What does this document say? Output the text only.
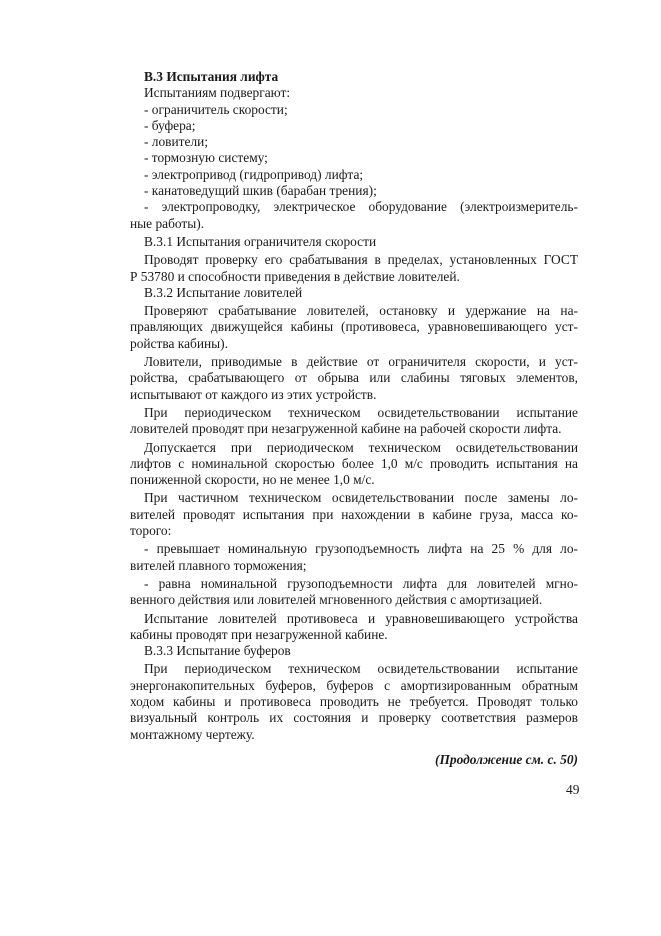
В.3 Испытания лифта
Испытаниям подвергают:
- ограничитель скорости;
- буфера;
- ловители;
- тормозную систему;
- электропривод (гидропривод) лифта;
- канатоведущий шкив (барабан трения);
- электропроводку, электрическое оборудование (электроизмеритель-
ные работы).
В.3.1 Испытания ограничителя скорости
Проводят проверку его срабатывания в пределах, установленных ГОСТ
Р 53780 и способности приведения в действие ловителей.
В.3.2 Испытание ловителей
Проверяют срабатывание ловителей, остановку и удержание на на-
правляющих движущейся кабины (противовеса, уравновешивающего уст-
ройства кабины).
Ловители, приводимые в действие от ограничителя скорости, и уст-
ройства, срабатывающего от обрыва или слабины тяговых элементов,
испытывают от каждого из этих устройств.
При периодическом техническом освидетельствовании испытание
ловителей проводят при незагруженной кабине на рабочей скорости лифта.
Допускается при периодическом техническом освидетельствовании
лифтов с номинальной скоростью более 1,0 м/с проводить испытания на
пониженной скорости, но не менее 1,0 м/с.
При частичном техническом освидетельствовании после замены ло-
вителей проводят испытания при нахождении в кабине груза, масса ко-
торого:
- превышает номинальную грузоподъемность лифта на 25 % для ло-
вителей плавного торможения;
- равна номинальной грузоподъемности лифта для ловителей мгно-
венного действия или ловителей мгновенного действия с амортизацией.
Испытание ловителей противовеса и уравновешивающего устройства
кабины проводят при незагруженной кабине.
В.3.3 Испытание буферов
При периодическом техническом освидетельствовании испытание
энергонакопительных буферов, буферов с амортизированным обратным
ходом кабины и противовеса проводить не требуется. Проводят только
визуальный контроль их состояния и проверку соответствия размеров
монтажному чертежу.
(Продолжение см. с. 50)
49
